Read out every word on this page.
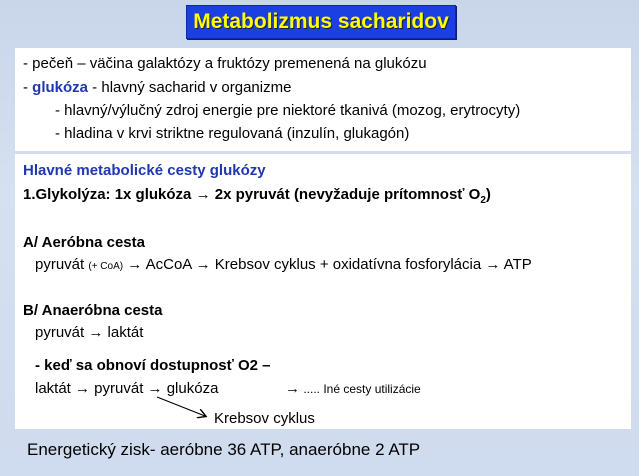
Metabolizmus sacharidov
- pečeň – väčina galaktózy a fruktózy premenená na glukózu
- glukóza - hlavný sacharid v organizme
- hlavný/výlučný zdroj energie pre niektoré tkanivá (mozog, erytrocyty)
- hladina v krvi striktne regulovaná (inzulín, glukagón)
Hlavné metabolické cesty glukózy
1.Glykolýza: 1x glukóza → 2x pyruvát (nevyžaduje prítomnosť $O_2$)
A/ Aeróbna cesta
pyruvát (+ CoA) → AcCoA → Krebsov cyklus + oxidatívna fosforylácia → ATP
B/ Anaeróbna cesta
pyruvát → laktát
- keď sa obnoví dostupnosť O2 –
laktát → pyruvát → glukóza	→ ..... Iné cesty utilizácie
Krebsov cyklus
Energetický zisk- aeróbne 36 ATP, anaeróbne 2 ATP
